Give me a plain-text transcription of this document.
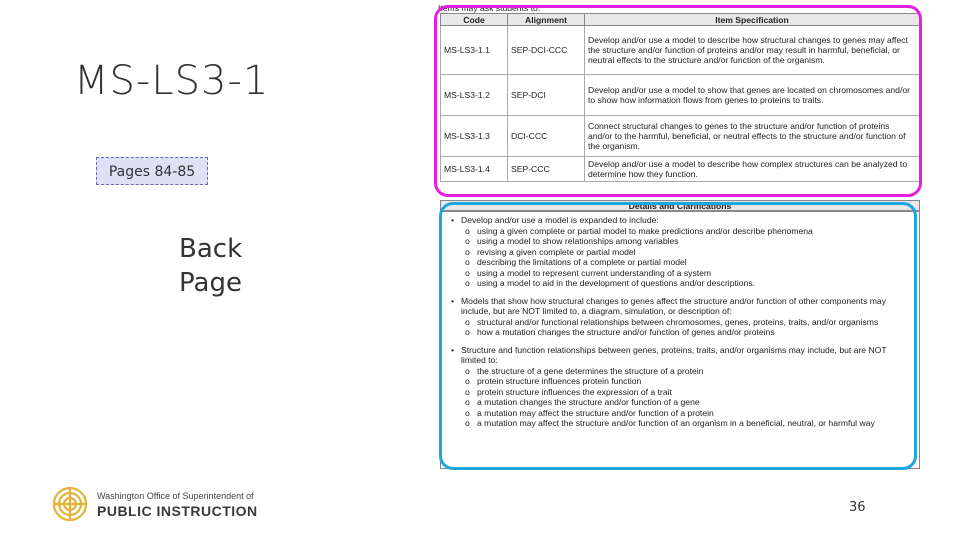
MS-LS3-1
Pages 84-85
Back Page
Washington Office of Superintendent of
PUBLIC INSTRUCTION	36
Items may ask students to:
Code	Alignment	Item Specification
MS-LS3-1.1	SEP-DCI-CCC	Develop and/or use a model to describe how structural changes to genes may affect the structure and/or function of proteins and/or may result in harmful, beneficial, or neutral effects to the structure and/or function of the organism.
MS-LS3-1.2	SEP-DCI	Develop and/or use a model to show that genes are located on chromosomes and/or to show how information flows from genes to proteins to traits.
MS-LS3-1.3	DCI-CCC	Connect structural changes to genes to the structure and/or function of proteins and/or to the harmful, beneficial, or neutral effects to the structure and/or function of the organism.
MS-LS3-1.4	SEP-CCC	Develop and/or use a model to describe how complex structures can be analyzed to determine how they function.
Details and Clarifications
• Develop and/or use a model is expanded to include:
o using a given complete or partial model to make predictions and/or describe phenomena
o using a model to show relationships among variables
o revising a given complete or partial model
o describing the limitations of a complete or partial model
o using a model to represent current understanding of a system
o using a model to aid in the development of questions and/or descriptions.
• Models that show how structural changes to genes affect the structure and/or function of other components may include, but are NOT limited to, a diagram, simulation, or description of:
o structural and/or functional relationships between chromosomes, genes, proteins, traits, and/or organisms
o how a mutation changes the structure and/or function of genes and/or proteins
• Structure and function relationships between genes, proteins, traits, and/or organisms may include, but are NOT limited to:
o the structure of a gene determines the structure of a protein
o protein structure influences protein function
o protein structure influences the expression of a trait
o a mutation changes the structure and/or function of a gene
o a mutation may affect the structure and/or function of a protein
o a mutation may affect the structure and/or function of an organism in a beneficial, neutral, or harmful way
